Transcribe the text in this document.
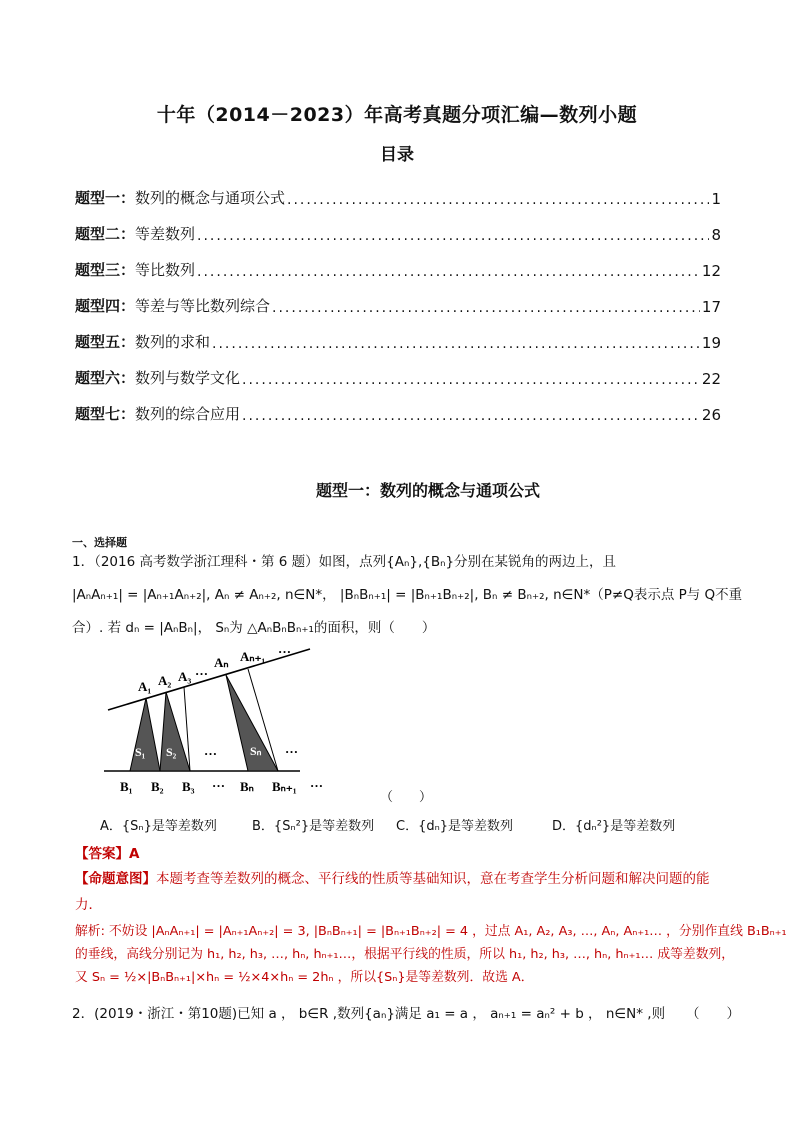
十年（2014－2023）年高考真题分项汇编—数列小题
目录
题型一： 数列的概念与通项公式 .....	1
题型二： 等差数列 .....	8
题型三： 等比数列 .....	12
题型四： 等差与等比数列综合 .....	17
题型五： 数列的求和 .....	19
题型六： 数列与数学文化 .....	22
题型七： 数列的综合应用 .....	26
题型一：数列的概念与通项公式
一、选择题
1．（2016 高考数学浙江理科・第 6 题）如图，点列{Aₙ},{Bₙ}分别在某锐角的两边上，且
|AₙAₙ₊₁| = |Aₙ₊₁Aₙ₊₂|, Aₙ ≠ Aₙ₊₂, n∈N*， |BₙBₙ₊₁| = |Bₙ₊₁Bₙ₊₂|, Bₙ ≠ Bₙ₊₂, n∈N*（P≠Q表示点 P与 Q不重
合）. 若 dₙ = |AₙBₙ|， Sₙ为 △AₙBₙBₙ₊₁的面积，则（　　）
A₁ A₂ A₃ …
Aₙ Aₙ₊₁
…
S₁ S₂ …	Sₙ …
B₁ B₂ B₃ … Bₙ Bₙ₊₁ …
（　　）
A．{Sₙ}是等差数列	B．{Sₙ²}是等差数列	C．{dₙ}是等差数列	D．{dₙ²}是等差数列
【答案】A
【命题意图】本题考查等差数列的概念、平行线的性质等基础知识，意在考查学生分析问题和解决问题的能力．
解析: 不妨设 |AₙAₙ₊₁| = |Aₙ₊₁Aₙ₊₂| = 3, |BₙBₙ₊₁| = |Bₙ₊₁Bₙ₊₂| = 4 ，过点 A₁, A₂, A₃, …, Aₙ, Aₙ₊₁… ，分别作直线 B₁Bₙ₊₁
的垂线，高线分别记为 h₁, h₂, h₃, …, hₙ, hₙ₊₁…，根据平行线的性质，所以 h₁, h₂, h₃, …, hₙ, hₙ₊₁… 成等差数列，
又 Sₙ = ½×|BₙBₙ₊₁|×hₙ = ½×4×hₙ = 2hₙ ，所以{Sₙ}是等差数列．故选 A．
2．(2019・浙江・第10题)已知 a ， b∈R ,数列{aₙ}满足 a₁ = a ， aₙ₊₁ = aₙ² + b ， n∈N* ,则 （　　）
